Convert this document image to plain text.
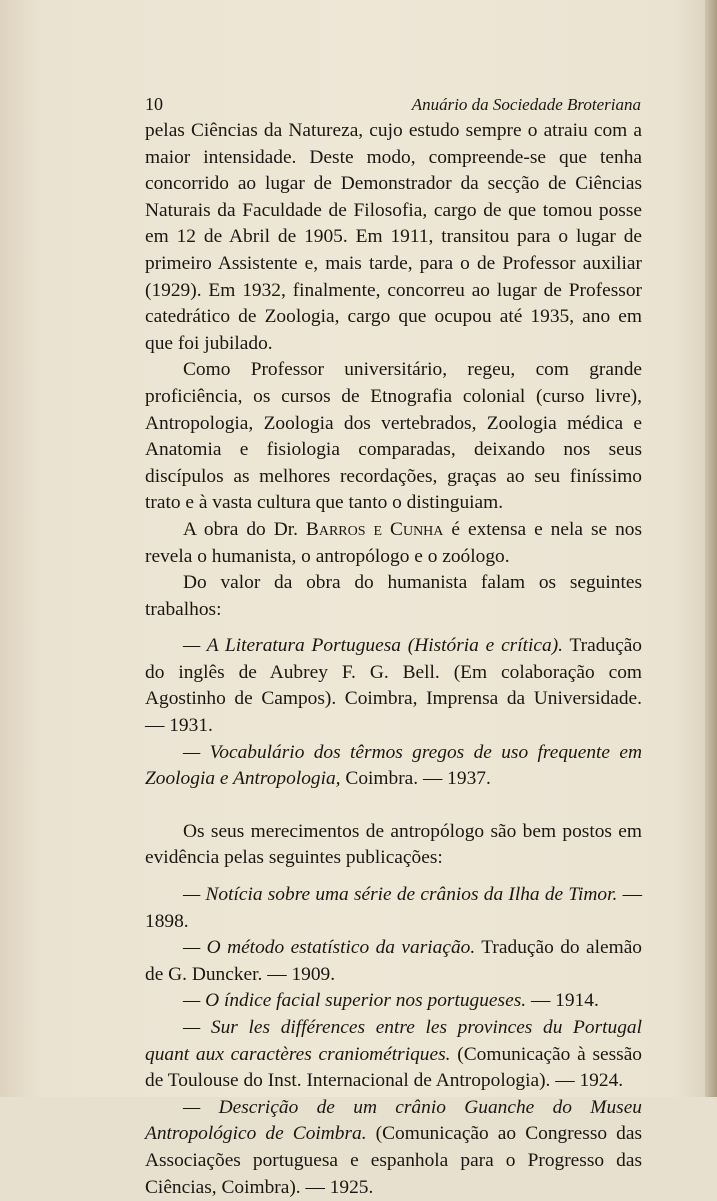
10	Anuário da Sociedade Broteriana

pelas Ciências da Natureza, cujo estudo sempre o atraiu com a maior intensidade. Deste modo, compreende-se que tenha concorrido ao lugar de Demonstrador da secção de Ciências Naturais da Faculdade de Filosofia, cargo de que tomou posse em 12 de Abril de 1905. Em 1911, transitou para o lugar de primeiro Assistente e, mais tarde, para o de Professor auxiliar (1929). Em 1932, finalmente, concorreu ao lugar de Professor catedrático de Zoologia, cargo que ocupou até 1935, ano em que foi jubilado.

Como Professor universitário, regeu, com grande proficiência, os cursos de Etnografia colonial (curso livre), Antropologia, Zoologia dos vertebrados, Zoologia médica e Anatomia e fisiologia comparadas, deixando nos seus discípulos as melhores recordações, graças ao seu finíssimo trato e à vasta cultura que tanto o distinguiam.

A obra do Dr. Barros e Cunha é extensa e nela se nos revela o humanista, o antropólogo e o zoólogo.

Do valor da obra do humanista falam os seguintes trabalhos:

— A Literatura Portuguesa (História e crítica). Tradução do inglês de Aubrey F. G. Bell. (Em colaboração com Agostinho de Campos). Coimbra, Imprensa da Universidade. — 1931.

— Vocabulário dos têrmos gregos de uso frequente em Zoologia e Antropologia, Coimbra. — 1937.

Os seus merecimentos de antropólogo são bem postos em evidência pelas seguintes publicações:

— Notícia sobre uma série de crânios da Ilha de Timor. — 1898.

— O método estatístico da variação. Tradução do alemão de G. Duncker. — 1909.

— O índice facial superior nos portugueses. — 1914.

— Sur les différences entre les provinces du Portugal quant aux caractères craniométriques. (Comunicação à sessão de Toulouse do Inst. Internacional de Antropologia). — 1924.

— Descrição de um crânio Guanche do Museu Antropológico de Coimbra. (Comunicação ao Congresso das Associações portuguesa e espanhola para o Progresso das Ciências, Coimbra). — 1925.
